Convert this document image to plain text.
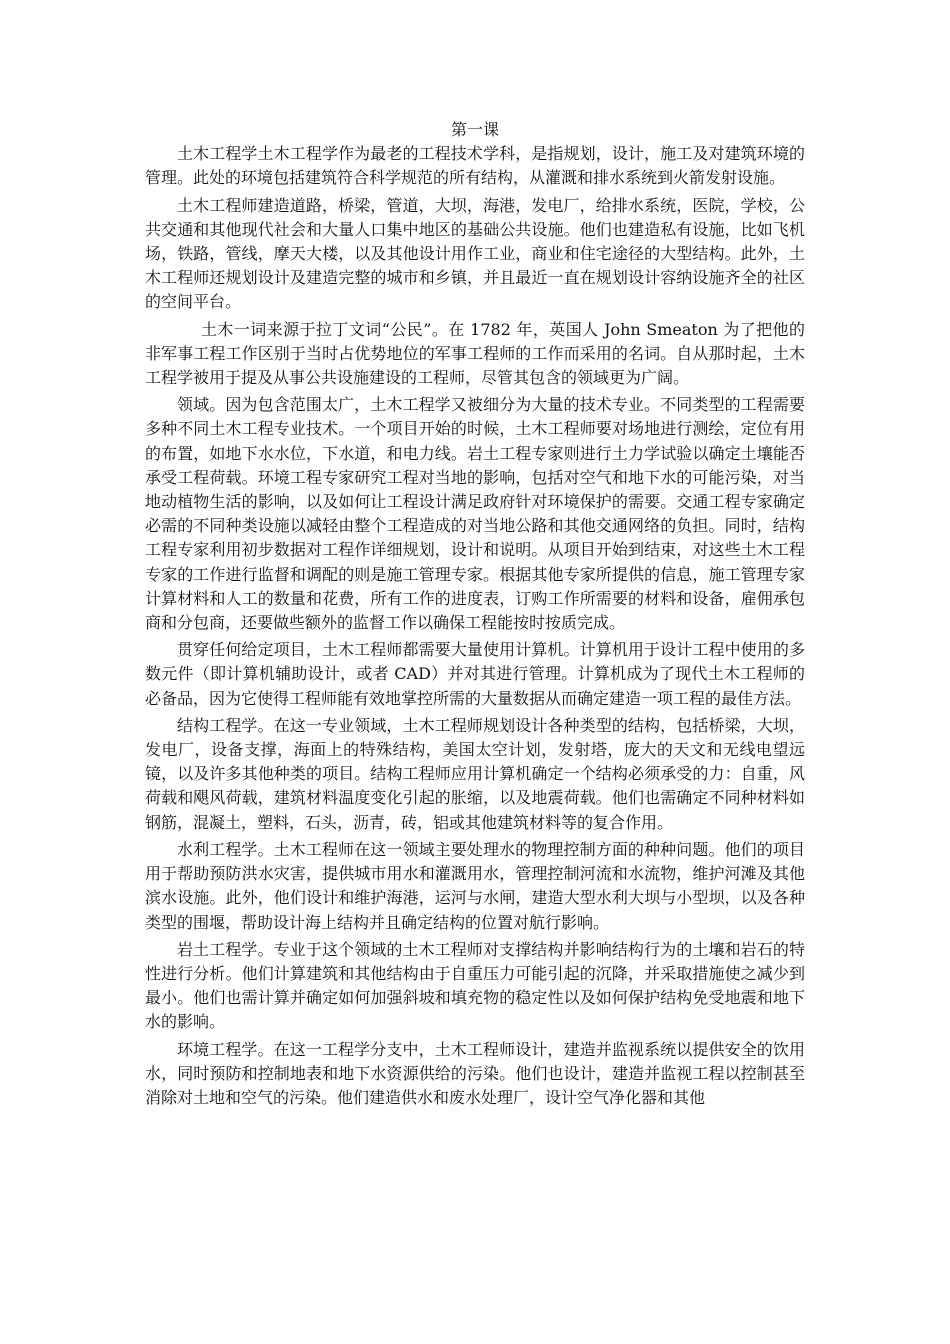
第一课

土木工程学土木工程学作为最老的工程技术学科，是指规划，设计，施工及对建筑环境的管理。此处的环境包括建筑符合科学规范的所有结构，从灌溉和排水系统到火箭发射设施。

土木工程师建造道路，桥梁，管道，大坝，海港，发电厂，给排水系统，医院，学校，公共交通和其他现代社会和大量人口集中地区的基础公共设施。他们也建造私有设施，比如飞机场，铁路，管线，摩天大楼，以及其他设计用作工业，商业和住宅途径的大型结构。此外，土木工程师还规划设计及建造完整的城市和乡镇，并且最近一直在规划设计容纳设施齐全的社区的空间平台。

土木一词来源于拉丁文词“公民”。在 1782 年，英国人 John Smeaton 为了把他的非军事工程工作区别于当时占优势地位的军事工程师的工作而采用的名词。自从那时起，土木工程学被用于提及从事公共设施建设的工程师，尽管其包含的领域更为广阔。

领域。因为包含范围太广，土木工程学又被细分为大量的技术专业。不同类型的工程需要多种不同土木工程专业技术。一个项目开始的时候，土木工程师要对场地进行测绘，定位有用的布置，如地下水水位，下水道，和电力线。岩土工程专家则进行土力学试验以确定土壤能否承受工程荷载。环境工程专家研究工程对当地的影响，包括对空气和地下水的可能污染，对当地动植物生活的影响，以及如何让工程设计满足政府针对环境保护的需要。交通工程专家确定必需的不同种类设施以减轻由整个工程造成的对当地公路和其他交通网络的负担。同时，结构工程专家利用初步数据对工程作详细规划，设计和说明。从项目开始到结束，对这些土木工程专家的工作进行监督和调配的则是施工管理专家。根据其他专家所提供的信息，施工管理专家计算材料和人工的数量和花费，所有工作的进度表，订购工作所需要的材料和设备，雇佣承包商和分包商，还要做些额外的监督工作以确保工程能按时按质完成。

贯穿任何给定项目，土木工程师都需要大量使用计算机。计算机用于设计工程中使用的多数元件（即计算机辅助设计，或者 CAD）并对其进行管理。计算机成为了现代土木工程师的必备品，因为它使得工程师能有效地掌控所需的大量数据从而确定建造一项工程的最佳方法。

结构工程学。在这一专业领域，土木工程师规划设计各种类型的结构，包括桥梁，大坝，发电厂，设备支撑，海面上的特殊结构，美国太空计划，发射塔，庞大的天文和无线电望远镜，以及许多其他种类的项目。结构工程师应用计算机确定一个结构必须承受的力：自重，风荷载和飓风荷载，建筑材料温度变化引起的胀缩，以及地震荷载。他们也需确定不同种材料如钢筋，混凝土，塑料，石头，沥青，砖，铝或其他建筑材料等的复合作用。

水利工程学。土木工程师在这一领域主要处理水的物理控制方面的种种问题。他们的项目用于帮助预防洪水灾害，提供城市用水和灌溉用水，管理控制河流和水流物，维护河滩及其他滨水设施。此外，他们设计和维护海港，运河与水闸，建造大型水利大坝与小型坝，以及各种类型的围堰，帮助设计海上结构并且确定结构的位置对航行影响。

岩土工程学。专业于这个领域的土木工程师对支撑结构并影响结构行为的土壤和岩石的特性进行分析。他们计算建筑和其他结构由于自重压力可能引起的沉降，并采取措施使之减少到最小。他们也需计算并确定如何加强斜坡和填充物的稳定性以及如何保护结构免受地震和地下水的影响。

环境工程学。在这一工程学分支中，土木工程师设计，建造并监视系统以提供安全的饮用水，同时预防和控制地表和地下水资源供给的污染。他们也设计，建造并监视工程以控制甚至消除对土地和空气的污染。他们建造供水和废水处理厂，设计空气净化器和其他
